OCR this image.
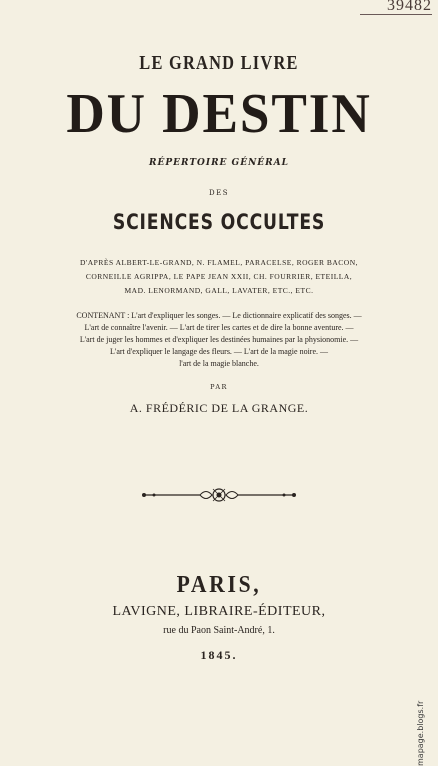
39482
LE GRAND LIVRE
DU DESTIN
RÉPERTOIRE GÉNÉRAL
DES
SCIENCES OCCULTES
D'APRÈS ALBERT-LE-GRAND, N. FLAMEL, PARACELSE, ROGER BACON,
CORNEILLE AGRIPPA, LE PAPE JEAN XXII, CH. FOURRIER, ETEILLA,
MAD. LENORMAND, GALL, LAVATER, ETC., ETC.
CONTENANT : L'art d'expliquer les songes. — Le dictionnaire explicatif des songes. —
L'art de connaître l'avenir. — L'art de tirer les cartes et de dire la bonne aventure. —
L'art de juger les hommes et d'expliquer les destinées humaines par la physionomie. —
L'art d'expliquer le langage des fleurs. — L'art de la magie noire. —
l'art de la magie blanche.
PAR
A. FRÉDÉRIC DE LA GRANGE.
PARIS,
LAVIGNE, LIBRAIRE-ÉDITEUR,
rue du Paon Saint-André, 1.
1845.
mapage.blogs.fr
